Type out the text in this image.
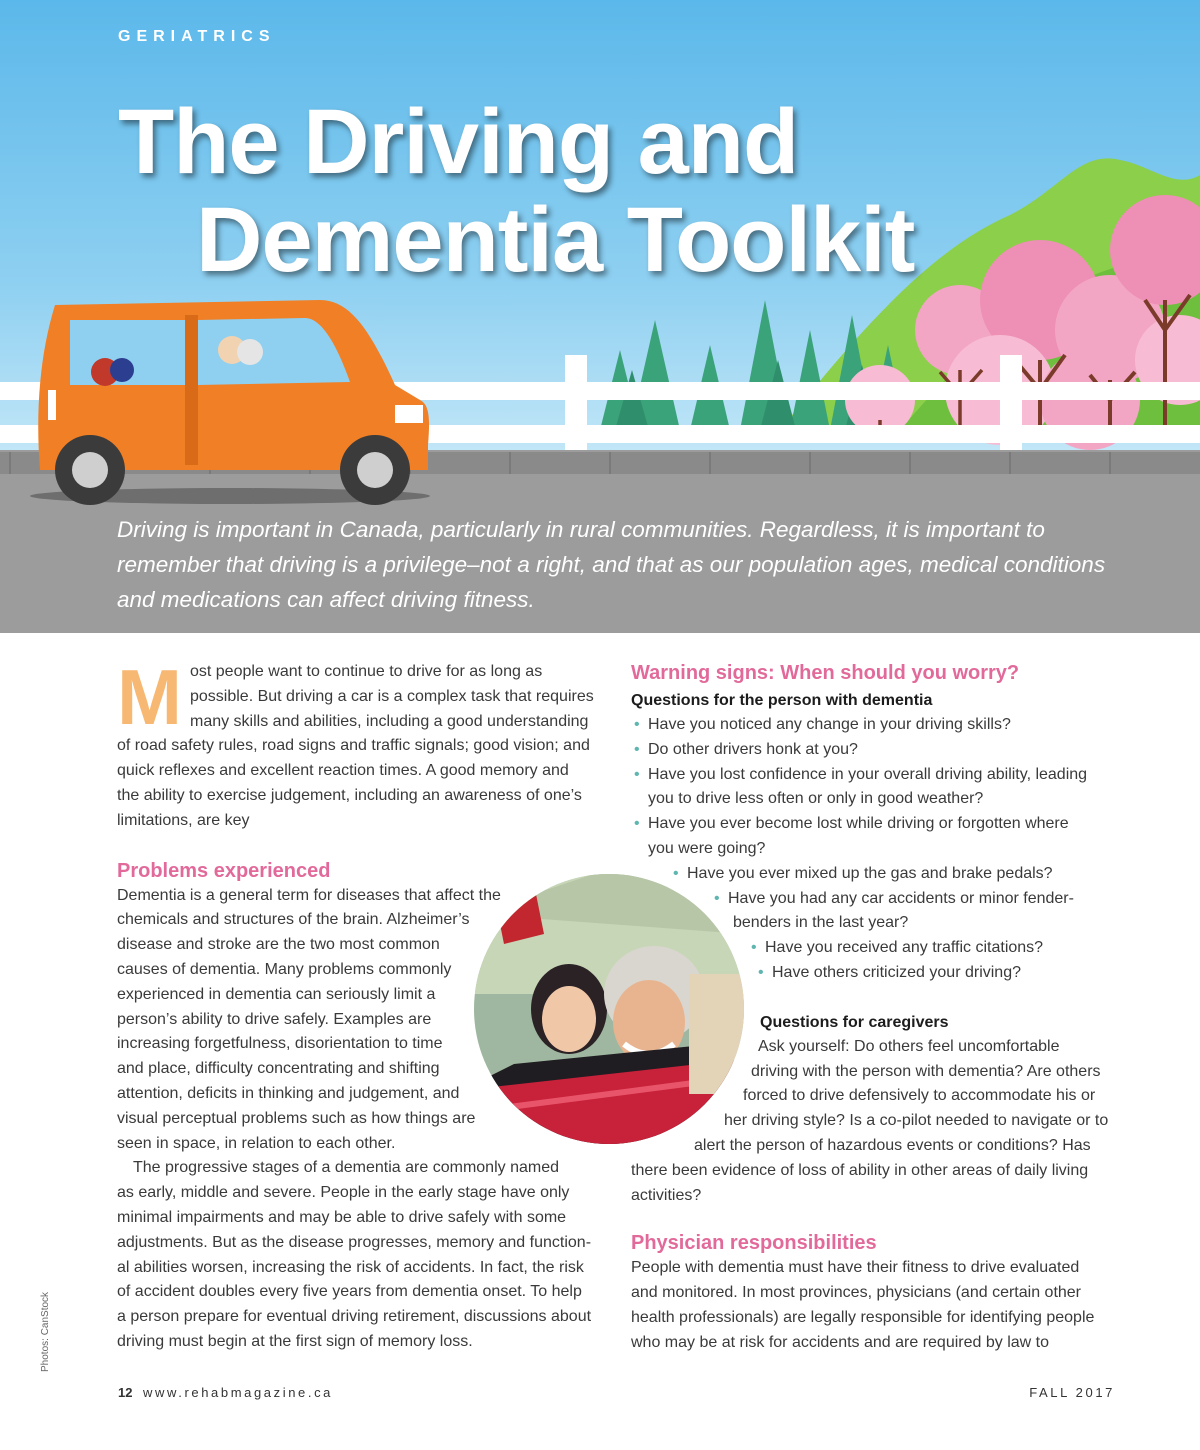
GERIATRICS
The Driving and
Dementia Toolkit
Driving is important in Canada, particularly in rural communities. Regardless, it is important to
remember that driving is a privilege–not a right, and that as our population ages, medical conditions
and medications can affect driving fitness.
M ost people want to continue to drive for as long as
possible. But driving a car is a complex task that requires
many skills and abilities, including a good understanding
of road safety rules, road signs and traffic signals; good vision; and
quick reflexes and excellent reaction times. A good memory and
the ability to exercise judgement, including an awareness of one’s
limitations, are key
Problems experienced
Dementia is a general term for diseases that affect the
chemicals and structures of the brain. Alzheimer’s
disease and stroke are the two most common
causes of dementia. Many problems commonly
experienced in dementia can seriously limit a
person’s ability to drive safely. Examples are
increasing forgetfulness, disorientation to time
and place, difficulty concentrating and shifting
attention, deficits in thinking and judgement, and
visual perceptual problems such as how things are
seen in space, in relation to each other.
The progressive stages of a dementia are commonly named
as early, middle and severe. People in the early stage have only
minimal impairments and may be able to drive safely with some
adjustments. But as the disease progresses, memory and function-
al abilities worsen, increasing the risk of accidents. In fact, the risk
of accident doubles every five years from dementia onset. To help
a person prepare for eventual driving retirement, discussions about
driving must begin at the first sign of memory loss.
Warning signs: When should you worry?
Questions for the person with dementia
• Have you noticed any change in your driving skills?
• Do other drivers honk at you?
• Have you lost confidence in your overall driving ability, leading
you to drive less often or only in good weather?
• Have you ever become lost while driving or forgotten where
you were going?
• Have you ever mixed up the gas and brake pedals?
• Have you had any car accidents or minor fender-
benders in the last year?
• Have you received any traffic citations?
• Have others criticized your driving?
Questions for caregivers
Ask yourself: Do others feel uncomfortable
driving with the person with dementia? Are others
forced to drive defensively to accommodate his or
her driving style? Is a co-pilot needed to navigate or to
alert the person of hazardous events or conditions? Has
there been evidence of loss of ability in other areas of daily living
activities?
Physician responsibilities
People with dementia must have their fitness to drive evaluated
and monitored. In most provinces, physicians (and certain other
health professionals) are legally responsible for identifying people
who may be at risk for accidents and are required by law to
12 www.rehabmagazine.ca	FALL 2017
Photos: CanStock
